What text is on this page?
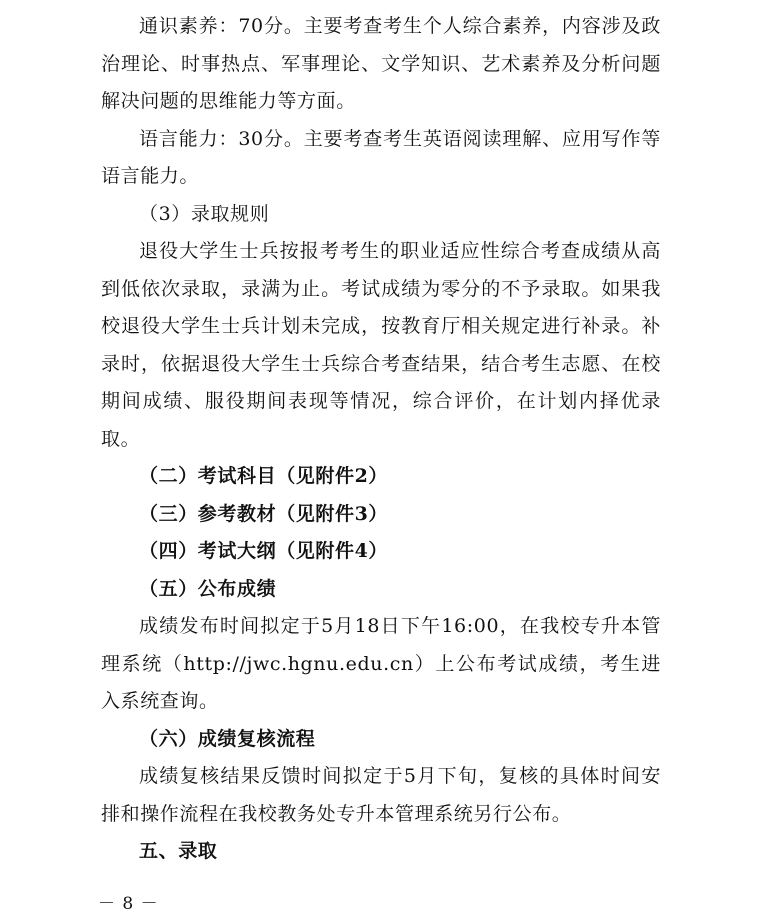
通识素养：70分。主要考查考生个人综合素养，内容涉及政治理论、时事热点、军事理论、文学知识、艺术素养及分析问题解决问题的思维能力等方面。

语言能力：30分。主要考查考生英语阅读理解、应用写作等语言能力。

（3）录取规则

退役大学生士兵按报考考生的职业适应性综合考查成绩从高到低依次录取，录满为止。考试成绩为零分的不予录取。如果我校退役大学生士兵计划未完成，按教育厅相关规定进行补录。补录时，依据退役大学生士兵综合考查结果，结合考生志愿、在校期间成绩、服役期间表现等情况，综合评价，在计划内择优录取。

（二）考试科目（见附件2）

（三）参考教材（见附件3）

（四）考试大纲（见附件4）

（五）公布成绩

成绩发布时间拟定于5月18日下午16:00，在我校专升本管理系统（http://jwc.hgnu.edu.cn）上公布考试成绩，考生进入系统查询。

（六）成绩复核流程

成绩复核结果反馈时间拟定于5月下旬，复核的具体时间安排和操作流程在我校教务处专升本管理系统另行公布。

五、录取

－ 8 －
